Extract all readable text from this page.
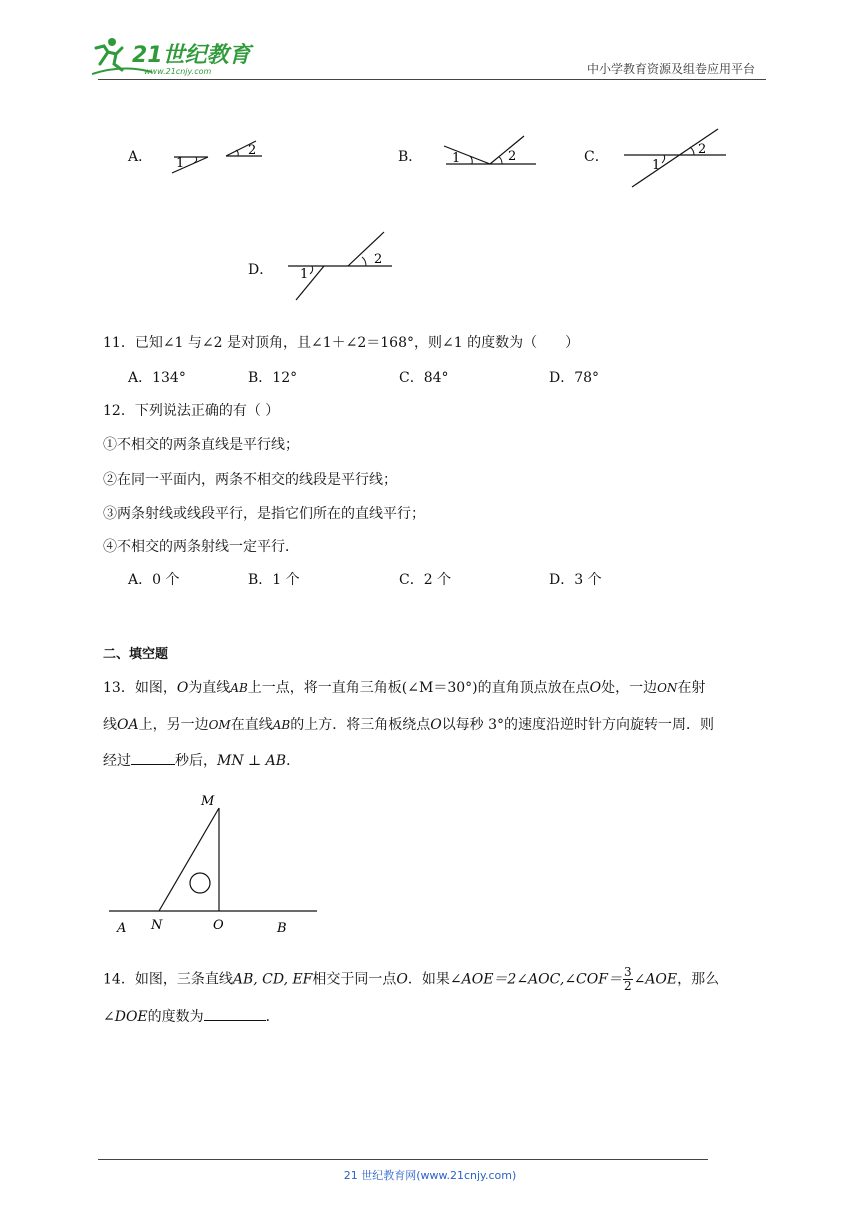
21世纪教育
www.21cnjy.com	中小学教育资源及组卷应用平台
A． 1
2	B． 1	2	C．
1
2
D． 1
2
11．已知∠1 与∠2 是对顶角，且∠1＋∠2＝168°，则∠1 的度数为（　　）
A．134°	B．12°	C．84°	D．78°
12．下列说法正确的有（ ）
①不相交的两条直线是平行线；
②在同一平面内，两条不相交的线段是平行线；
③两条射线或线段平行，是指它们所在的直线平行；
④不相交的两条射线一定平行．
A．0 个	B．1 个	C．2 个	D．3 个
二、填空题
13．如图，O为直线AB上一点，将一直角三角板(∠M＝30°)的直角顶点放在点O处，一边ON在射
线OA上，另一边OM在直线AB的上方．将三角板绕点O以每秒 3°的速度沿逆时针方向旋转一周．则
经过	秒后，MN ⊥ AB．
M
A N	O	B
14．如图，三条直线AB, CD, EF相交于同一点O．如果∠AOE＝2∠AOC,∠COF＝ $\frac{3}{2}$ ∠AOE，那么
∠DOE的度数为	．
21 世纪教育网(www.21cnjy.com)
